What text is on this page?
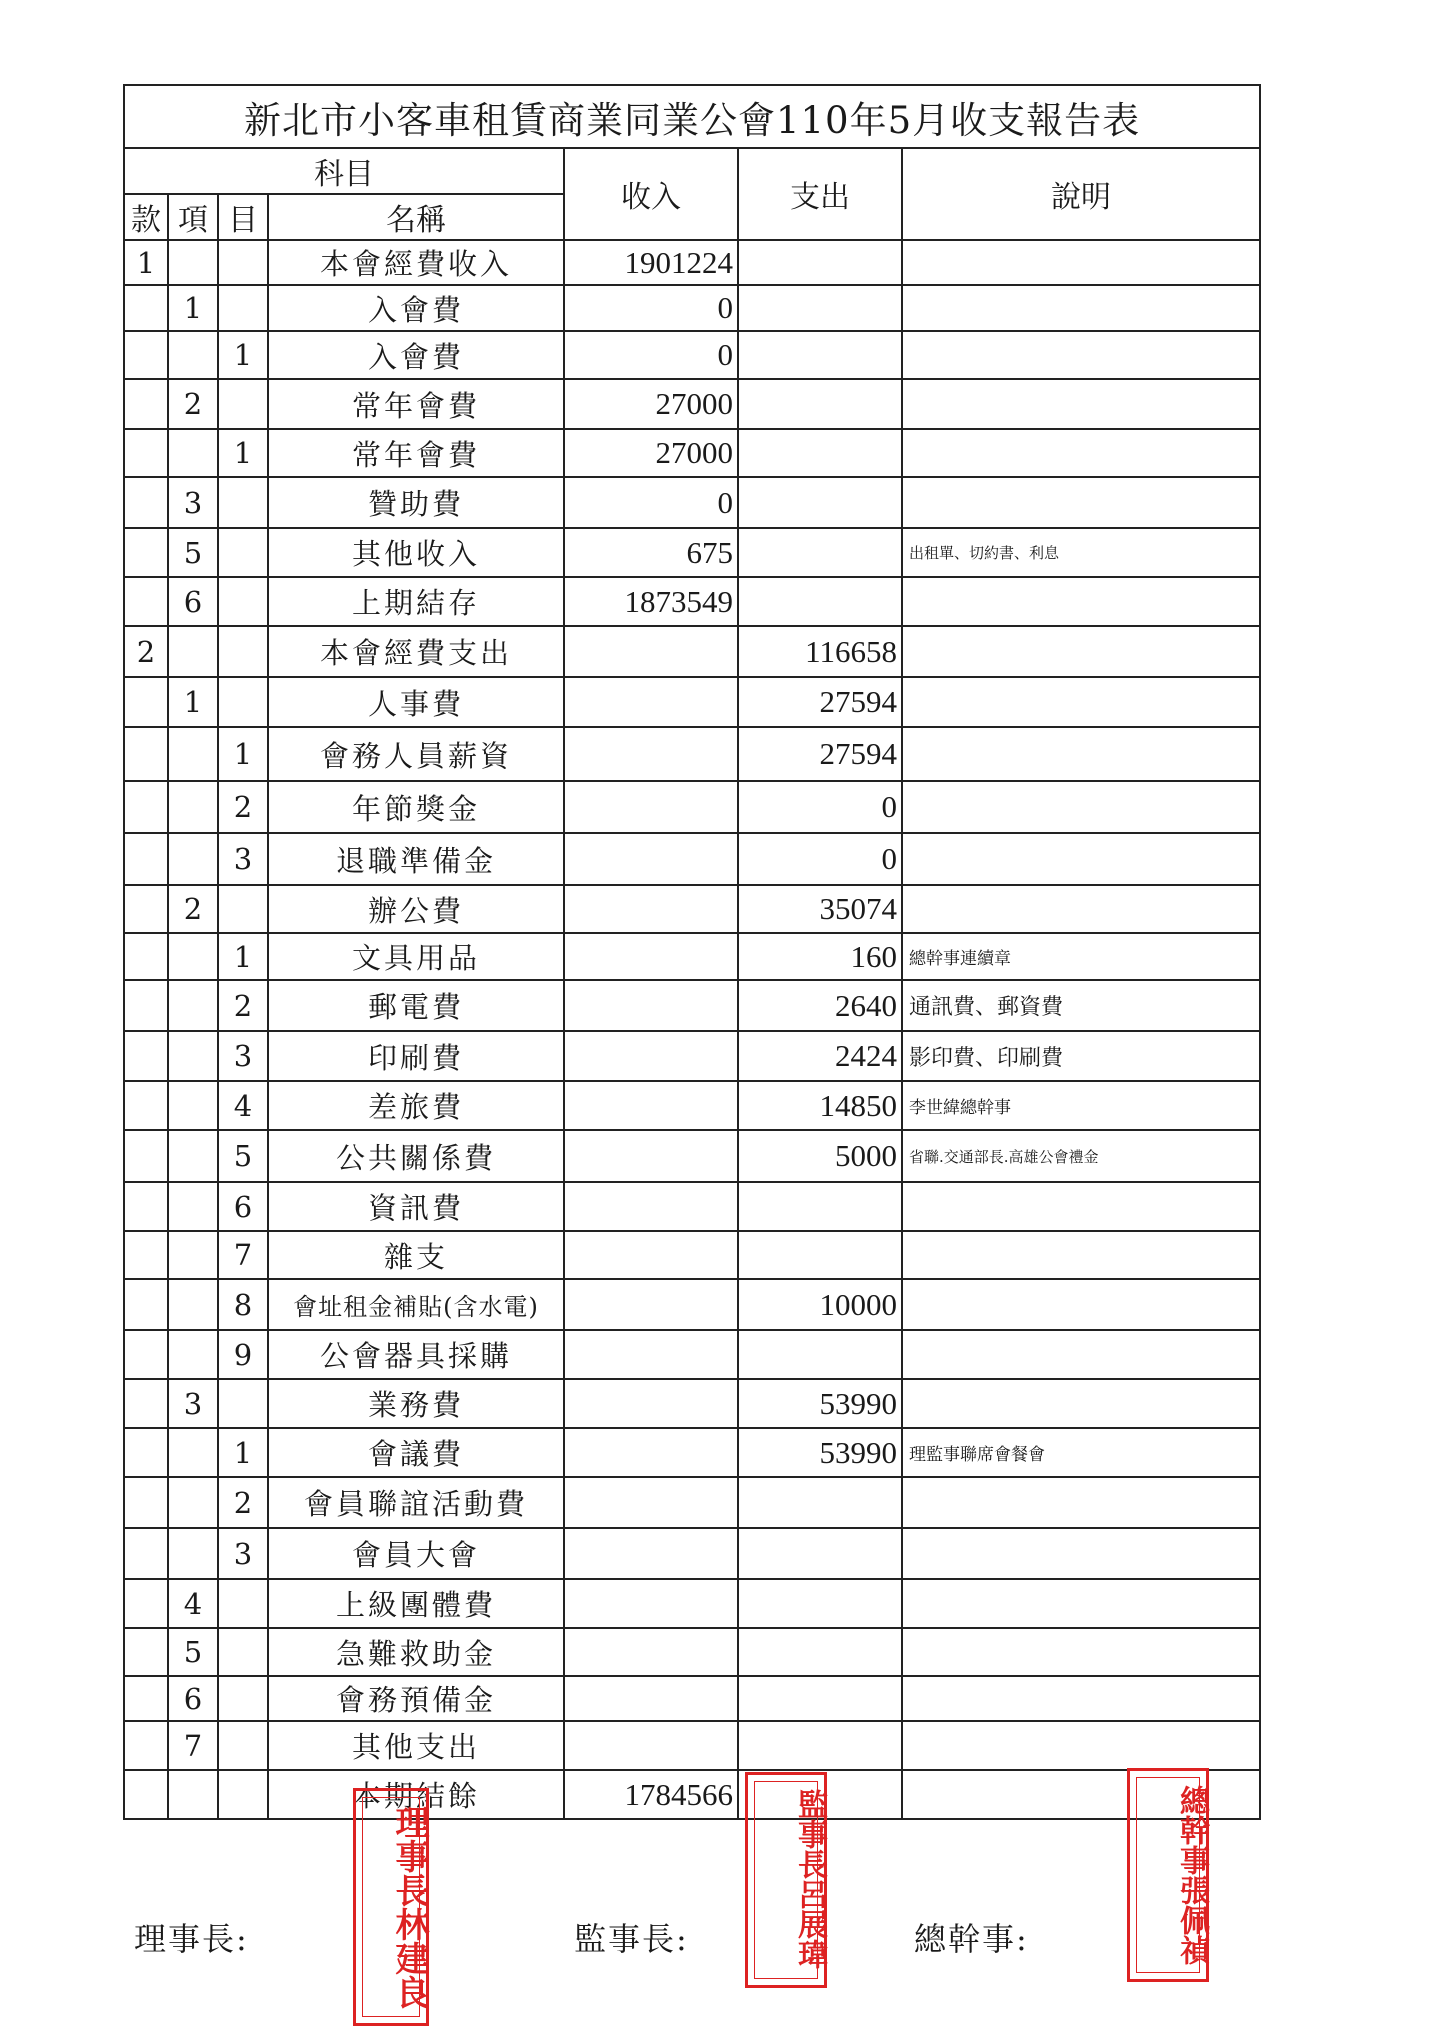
新北市小客車租賃商業同業公會110年5月收支報告表						
科目				收入	支出	說明
款	項	目	名稱			
1			本會經費收入	1901224		
	1		入會費	0		
		1	入會費	0		
	2		常年會費	27000		
		1	常年會費	27000		
	3		贊助費	0		
	5		其他收入	675		出租單、切約書、利息
	6		上期結存	1873549		
2			本會經費支出		116658	
	1		人事費		27594	
		1	會務人員薪資		27594	
		2	年節獎金		0	
		3	退職準備金		0	
	2		辦公費		35074	
		1	文具用品		160	總幹事連續章
		2	郵電費		2640	通訊費、郵資費
		3	印刷費		2424	影印費、印刷費
		4	差旅費		14850	李世緯總幹事
		5	公共關係費		5000	省聯.交通部長.高雄公會禮金
		6	資訊費			
		7	雜支			
		8	會址租金補貼(含水電)		10000	
		9	公會器具採購			
	3		業務費		53990	
		1	會議費		53990	理監事聯席會餐會
		2	會員聯誼活動費			
		3	會員大會			
	4		上級團體費			
	5		急難救助金			
	6		會務預備金			
	7		其他支出			
			本期結餘	1784566		
理事長:	監事長:	總幹事:
理事長林建良	監事長呂展瑋	總幹事張佩禎
